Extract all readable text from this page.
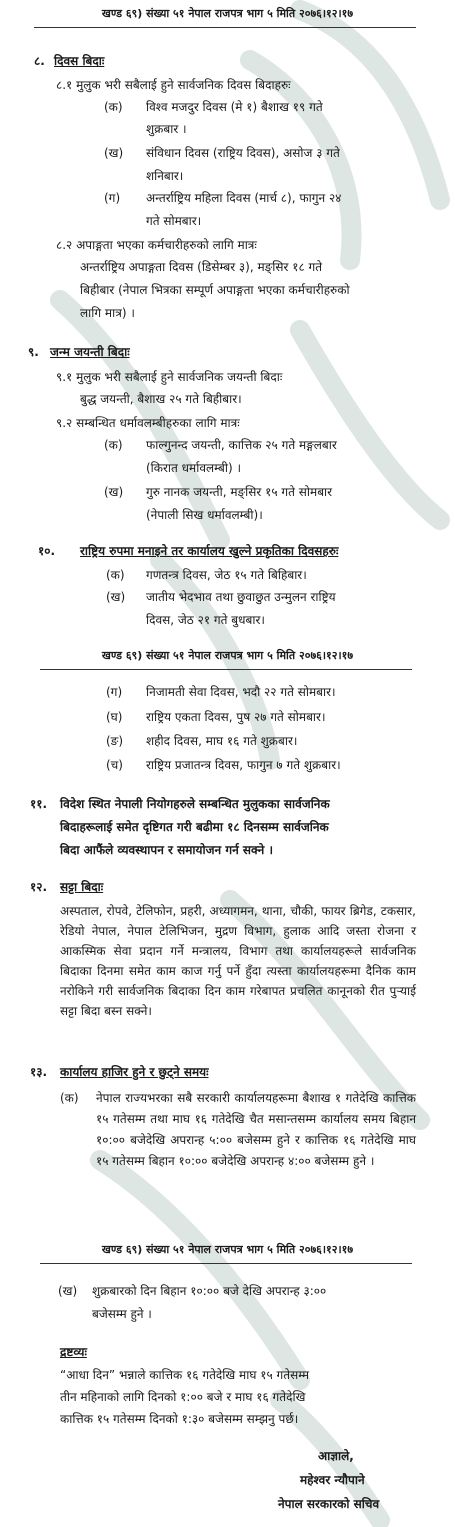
खण्ड ६९) संख्या ५१ नेपाल राजपत्र भाग ५ मिति २०७६।१२।१७
८. दिवस बिदाः
८.१ मुलुक भरी सबैलाई हुने सार्वजनिक दिवस बिदाहरुः
(क) विश्व मजदुर दिवस (मे १) बैशाख १९ गते
शुक्रबार ।
(ख) संविधान दिवस (राष्ट्रिय दिवस), असोज ३ गते
शनिबार।
(ग) अन्तर्राष्ट्रिय महिला दिवस (मार्च ८), फागुन २४
गते सोमबार।
८.२ अपाङ्गता भएका कर्मचारीहरुको लागि मात्रः
अन्तर्राष्ट्रिय अपाङ्गता दिवस (डिसेम्बर ३), मङ्सिर १८ गते
बिहीबार (नेपाल भित्रका सम्पूर्ण अपाङ्गता भएका कर्मचारीहरुको
लागि मात्र) ।
९. जन्म जयन्ती बिदाः
९.१ मुलुक भरी सबैलाई हुने सार्वजनिक जयन्ती बिदाः
बुद्ध जयन्ती, बैशाख २५ गते बिहीबार।
९.२ सम्बन्धित धर्मावलम्बीहरुका लागि मात्रः
(क) फाल्गुनन्द जयन्ती, कात्तिक २५ गते मङ्गलबार
(किरात धर्मावलम्बी) ।
(ख) गुरु नानक जयन्ती, मङ्सिर १५ गते सोमबार
(नेपाली सिख धर्मावलम्बी)।
१०. राष्ट्रिय रुपमा मनाइने तर कार्यालय खुल्ने प्रकृतिका दिवसहरुः
(क) गणतन्त्र दिवस, जेठ १५ गते बिहिबार।
(ख) जातीय भेदभाव तथा छुवाछुत उन्मुलन राष्ट्रिय
दिवस, जेठ २१ गते बुधबार।
खण्ड ६९) संख्या ५१ नेपाल राजपत्र भाग ५ मिति २०७६।१२।१७
(ग) निजामती सेवा दिवस, भदौ २२ गते सोमबार।
(घ) राष्ट्रिय एकता दिवस, पुष २७ गते सोमबार।
(ङ) शहीद दिवस, माघ १६ गते शुक्रबार।
(च) राष्ट्रिय प्रजातन्त्र दिवस, फागुन ७ गते शुक्रबार।
११. विदेश स्थित नेपाली नियोगहरुले सम्बन्धित मुलुकका सार्वजनिक
बिदाहरूलाई समेत दृष्टिगत गरी बढीमा १८ दिनसम्म सार्वजनिक
बिदा आफैंले व्यवस्थापन र समायोजन गर्न सक्ने ।
१२. सट्टा बिदाः
अस्पताल, रोपवे, टेलिफोन, प्रहरी, अध्यागमन, थाना, चौकी, फायर ब्रिगेड, टकसार, रेडियो नेपाल, नेपाल टेलिभिजन, मुद्रण विभाग, हुलाक आदि जस्ता रोजना र आकस्मिक सेवा प्रदान गर्ने मन्त्रालय, विभाग तथा कार्यालयहरूले सार्वजनिक बिदाका दिनमा समेत काम काज गर्नु पर्ने हुँदा त्यस्ता कार्यालयहरूमा दैनिक काम नरोकिने गरी सार्वजनिक बिदाका दिन काम गरेबापत प्रचलित कानूनको रीत पुऱ्याई सट्टा बिदा बस्न सक्ने।
१३. कार्यालय हाजिर हुने र छुट्ने समयः
(क) नेपाल राज्यभरका सबै सरकारी कार्यालयहरूमा बैशाख १ गतेदेखि कात्तिक १५ गतेसम्म तथा माघ १६ गतेदेखि चैत मसान्तसम्म कार्यालय समय बिहान १०:०० बजेदेखि अपरान्ह ५:०० बजेसम्म हुने र कात्तिक १६ गतेदेखि माघ १५ गतेसम्म बिहान १०:०० बजेदेखि अपरान्ह ४:०० बजेसम्म हुने ।
खण्ड ६९) संख्या ५१ नेपाल राजपत्र भाग ५ मिति २०७६।१२।१७
(ख) शुक्रबारको दिन बिहान १०:०० बजे देखि अपरान्ह ३:००
बजेसम्म हुने ।
द्रष्टव्यः
“आधा दिन” भन्नाले कात्तिक १६ गतेदेखि माघ १५ गतेसम्म
तीन महिनाको लागि दिनको १:०० बजे र माघ १६ गतेदेखि
कात्तिक १५ गतेसम्म दिनको १:३० बजेसम्म सम्झनु पर्छ।
आज्ञाले,
महेश्वर न्यौपाने
नेपाल सरकारको सचिव
